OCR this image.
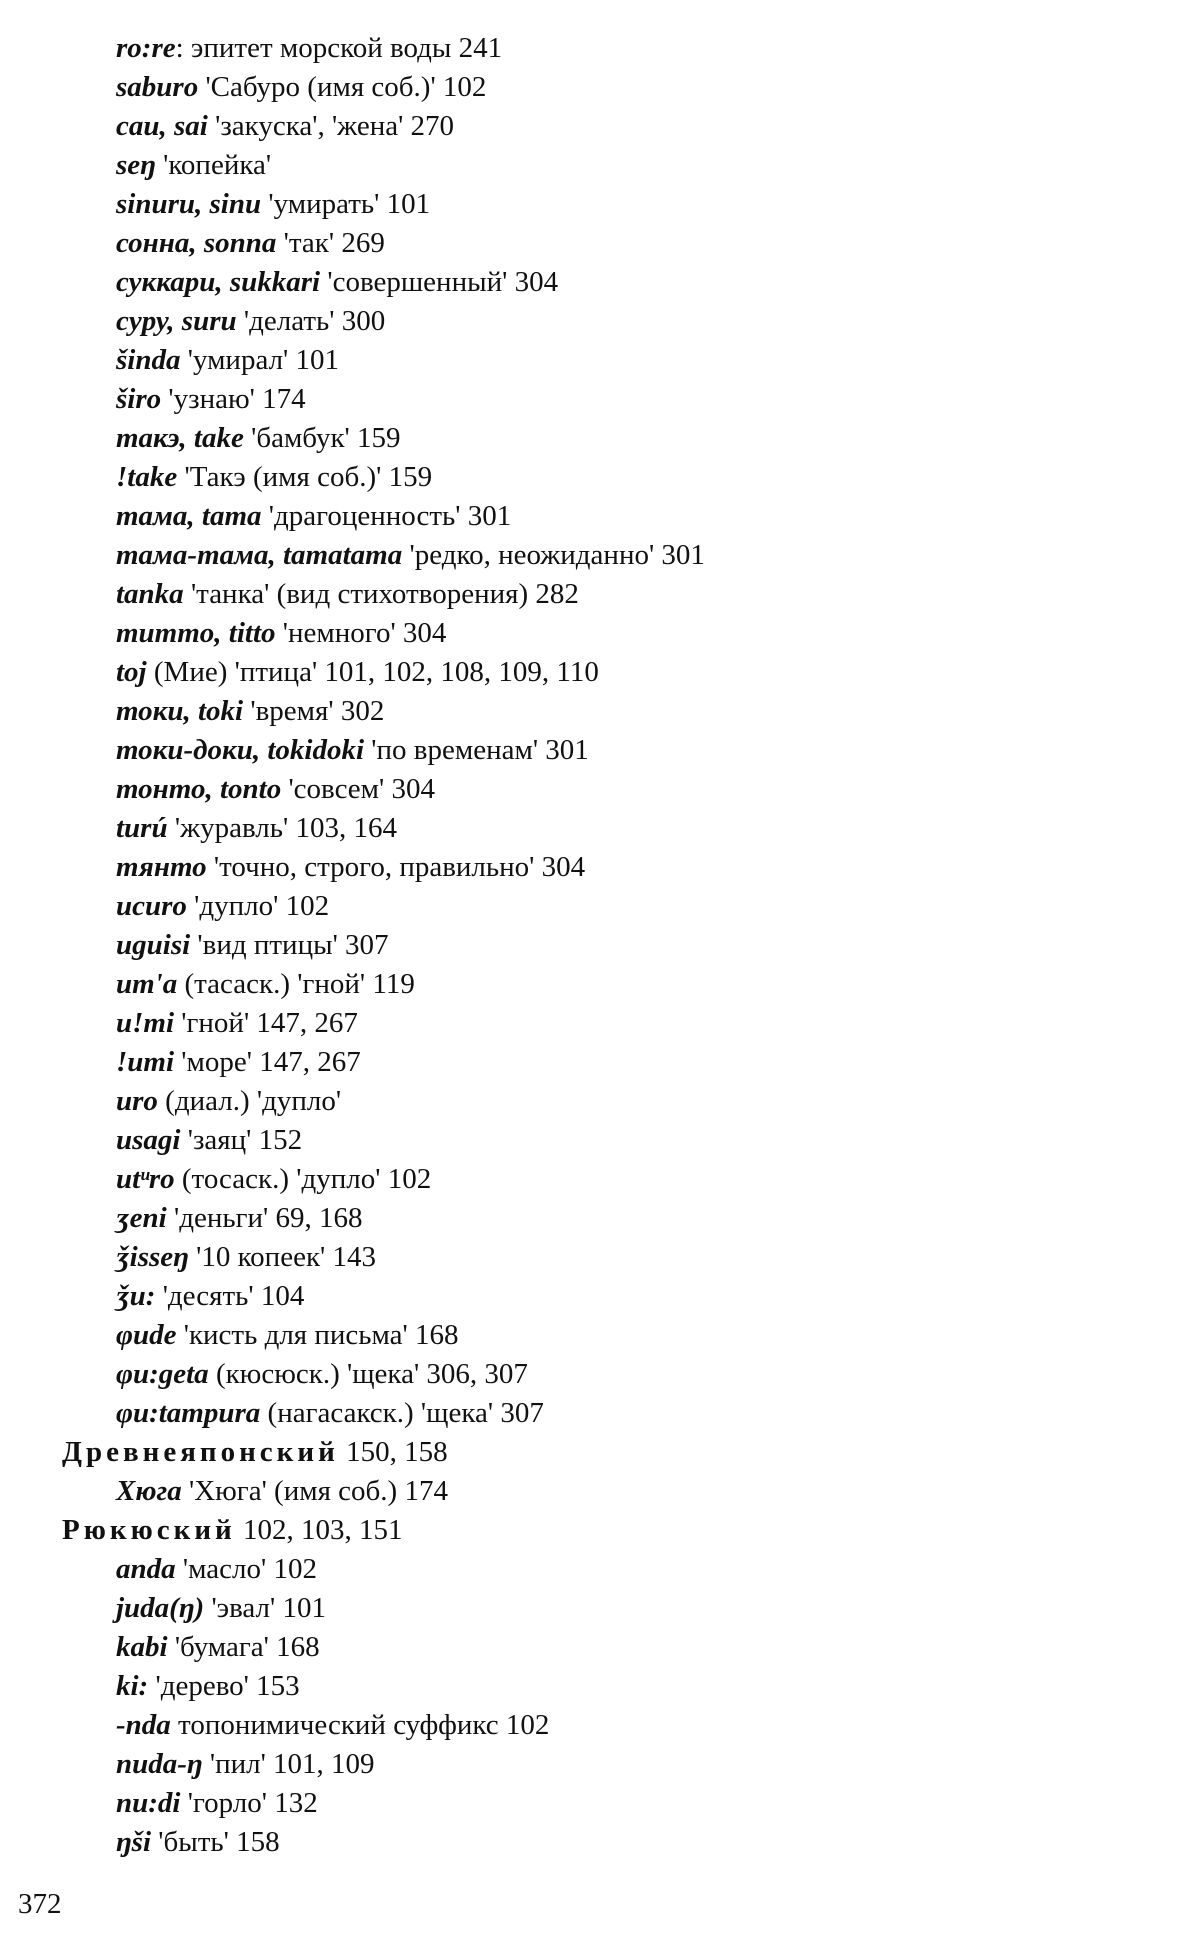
ro:re: эпитет морской воды 241
saburo 'Сабуро (имя соб.)' 102
cau, sai 'закуска', 'жена' 270
seŋ 'копейка'
sinuru, sinu 'умирать' 101
сонна, sonna 'так' 269
суккари, sukkari 'совершенный' 304
сyру, suru 'делать' 300
šinda 'умирал' 101
širo 'узнаю' 174
такэ, take 'бамбук' 159
!take 'Такэ (имя соб.)' 159
тама, tama 'драгоценность' 301
тама-тама, tamatama 'редко, неожиданно' 301
tanka 'танка' (вид стихотворения) 282
тummo, titto 'немного' 304
toj (Мие) 'птица' 101, 102, 108, 109, 110
токи, toki 'время' 302
токи-доки, tokidoki 'по временам' 301
тонто, tonto 'совсем' 304
turú 'журавль' 103, 164
тянто 'точно, строго, правильно' 304
ucuro 'дупло' 102
uguisi 'вид птицы' 307
um'a (тасаск.) 'гной' 119
u!mi 'гной' 147, 267
!umi 'море' 147, 267
uro (диал.) 'дупло'
usagi 'заяц' 152
utᵘro (тосаск.) 'дупло' 102
ʒeni 'деньги' 69, 168
ǯisseŋ '10 копеек' 143
ǯu: 'десять' 104
φude 'кисть для письма' 168
φu:geta (кюсюск.) 'щека' 306, 307
φu:tampura (нагасакск.) 'щека' 307
Древнеяпонский 150, 158
Хюга 'Хюга' (имя соб.) 174
Рюкюский 102, 103, 151
anda 'масло' 102
juda(ŋ) 'эвал' 101
kabi 'бумага' 168
ki: 'дерево' 153
-nda топонимический суффикс 102
nuda-ŋ 'пил' 101, 109
nu:di 'горло' 132
ŋši 'быть' 158
372
